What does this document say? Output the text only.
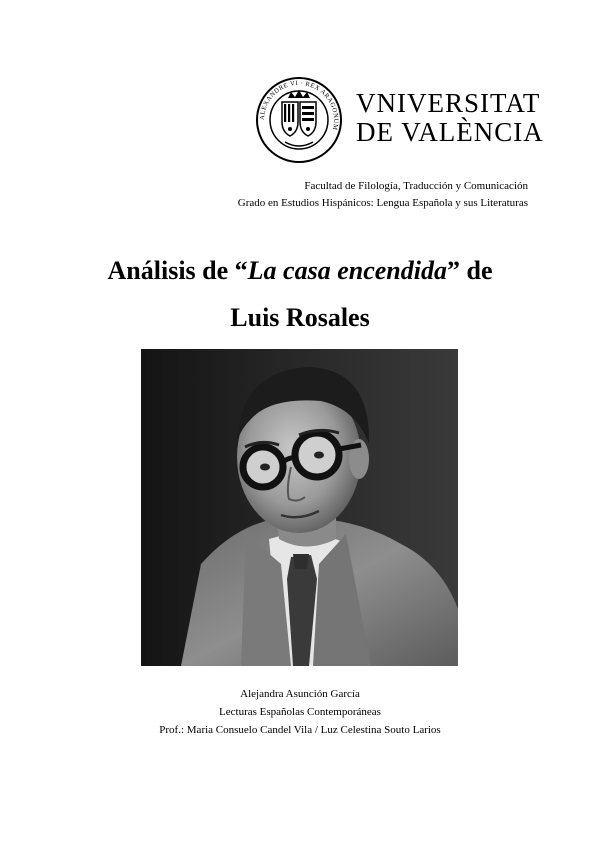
ALEXANDRE VI · REX ARAGONUM
VNIVERSITAT
DE VALÈNCIA
Facultad de Filología, Traducción y Comunicación
Grado en Estudios Hispánicos: Lengua Española y sus Literaturas
Análisis de “La casa encendida” de
Luis Rosales
Alejandra Asunción García
Lecturas Españolas Contemporáneas
Prof.: Maria Consuelo Candel Vila / Luz Celestina Souto Larios
